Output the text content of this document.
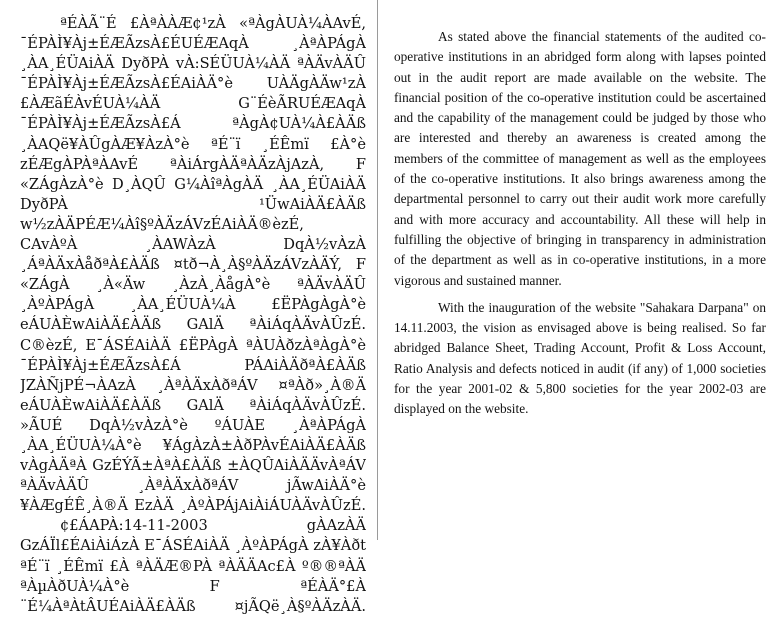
ªÉÀÃ¨É £ÀªÀÀÆ¢¹zÀ «ªÀgÀUÀ¼ÀAvÉ,
¯ÉPÀÌ¥Àj±ÉÆÃzsÀ£ÉUÉÆAqÀ ¸ÀªÀPÁgÀ
¸ÀA¸ÉÜAiÀÄ DyðPÀ vÀ:SÉÜUÀ¼ÀÄ ªÀÄvÀÄÛ
¯ÉPÀÌ¥Àj±ÉÆÃzsÀ£ÉAiÀÄ°è UÀÄgÀÄw¹zÀ
£ÀÆãÉÀvÉUÀ¼ÀÄ G¨ÉèÃRUÉÆAqÀ
¯ÉPÀÌ¥Àj±ÉÆÃzsÀ£Á ªÀgÀ¢UÀ¼À£ÀÄß
¸ÀAQë¥ÀÛgÀÆ¥ÀzÀ°è ªÉ¨ï ¸ÉÊmï £À°è
zÉÆgÀPÀªÀAvÉ ªÀiÁrgÀÄªÀÄzÀjAzÀ, F
«ZÁgÀzÀ°è D¸ÀQÛ G¼ÀîªÀgÀÄ ¸ÀA¸ÉÜAiÀÄ
DyðPÀ ¹ÜwAiÀÄ£ÀÄß
w½zÀÄPÉÆ¼Àî§ºÀÄzÁVzÉAiÀÄ®èzÉ,
CAvÀºÀ ¸ÀAWÀzÀ DqÀ½vÀzÀ
¸ÁªÀÄxÀåðªÀ£ÀÄß ¤tð¬À¸À§ºÀÄzÁVzÀÄÝ, F
«ZÁgÀ ¸À«Äw ¸ÀzÀ¸ÀågÀ°è ªÀÄvÀÄÛ
¸ÀºÀPÁgÀ ¸ÀA¸ÉÜUÀ¼À £ËPÀgÀgÀ°è
eÁUÀÈwAiÀÄ£ÀÄß GAlÄ ªÀiÁqÀÄvÀÛzÉ.
C®èzÉ, E¯ÁSÉAiÀÄ £ËPÀgÀ ªÀUÀðzÀªÀgÀ°è
¯ÉPÀÌ¥Àj±ÉÆÃzsÀ£Á PÁAiÀÄðªÀ£ÀÄß
JZÀÑjPÉ¬ÀAzÀ ¸ÀªÀÄxÀðªÁV ¤ªÀð»¸À®Ä
eÁUÀÈwAiÀÄ£ÀÄß GAlÄ ªÀiÁqÀÄvÀÛzÉ.
»ÃUÉ DqÀ½vÀzÀ°è ºÁUÀE ¸ÀªÀPÁgÀ
¸ÀA¸ÉÜUÀ¼À°è ¥ÁgÀzÀ±ÀðPÀvÉAiÀÄ£ÀÄß
vÀgÀÄªÀ GzÉÝÃ±ÀªÀ£ÀÄß ±ÀQÛAiÀÄÄvÀªÁV
ªÀÄvÀÄÛ ¸ÀªÀÄxÀðªÁV jÃwAiÀÄ°è
¥ÀÆgÉÊ¸À®Ä EzÀÄ ¸ÀºÀPÁjAiÀiÁUÀÄvÀÛzÉ.
¢£ÁAPÀ:14-11-2003 gÀAzÀÄ
GzÁÏl£ÉAiÀiÁzÀ E¯ÁSÉAiÀÄ ¸ÀºÀPÁgÀ zÀ¥Àðt
ªÉ¨ï ¸ÉÊmï £À ªÀÄÆ®PÀ ªÀÄÄAc£À º®®ªÀÄ
ªÀµÀðUÀ¼À°è F ªÉÀÄ°£À
¨É¼ÀªÀtÂUÉAiÀÄ£ÀÄß ¤jÃQë¸À§ºÀÄzÀÄ.

As stated above the financial statements of the audited co-operative institutions in an abridged form along with lapses pointed out in the audit report are made available on the website. The financial position of the co-operative institution could be ascertained and the capability of the management could be judged by those who are interested and thereby an awareness is created among the members of the committee of management as well as the employees of the co-operative institutions. It also brings awareness among the departmental personnel to carry out their audit work more carefully and with more accuracy and accountability. All these will help in fulfilling the objective of bringing in transparency in administration of the department as well as in co-operative institutions, in a more vigorous and sustained manner.

With the inauguration of the website "Sahakara Darpana" on 14.11.2003, the vision as envisaged above is being realised. So far abridged Balance Sheet, Trading Account, Profit & Loss Account, Ratio Analysis and defects noticed in audit (if any) of 1,000 societies for the year 2001-02 & 5,800 societies for the year 2002-03 are displayed on the website.
